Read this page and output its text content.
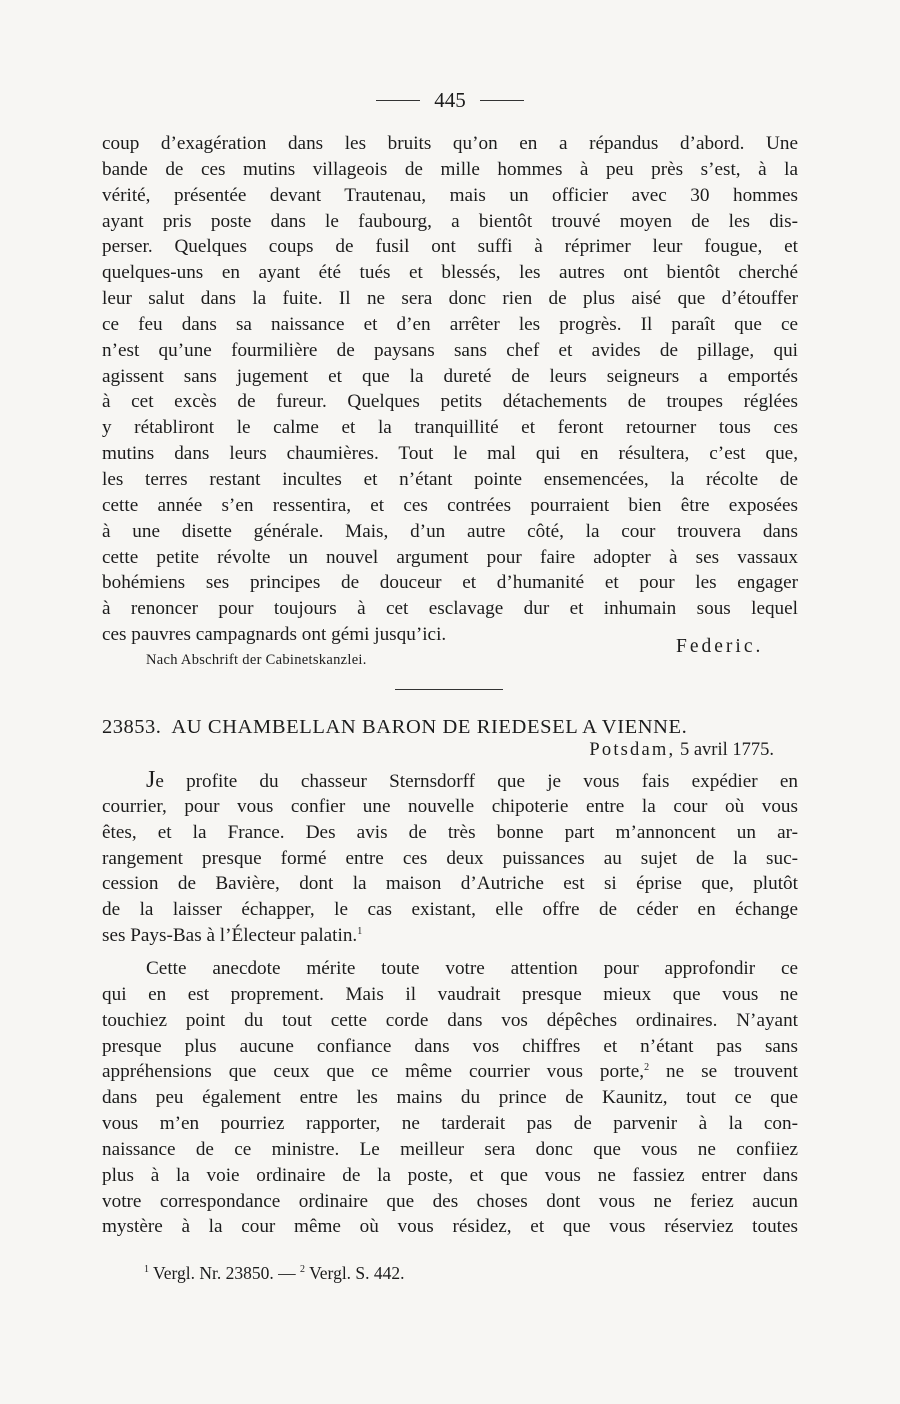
445
coup d’exagération dans les bruits qu’on en a répandus d’abord. Une
bande de ces mutins villageois de mille hommes à peu près s’est, à la
vérité, présentée devant Trautenau, mais un officier avec 30 hommes
ayant pris poste dans le faubourg, a bientôt trouvé moyen de les dis-
perser. Quelques coups de fusil ont suffi à réprimer leur fougue, et
quelques-uns en ayant été tués et blessés, les autres ont bientôt cherché
leur salut dans la fuite. Il ne sera donc rien de plus aisé que d’étouffer
ce feu dans sa naissance et d’en arrêter les progrès. Il paraît que ce
n’est qu’une fourmilière de paysans sans chef et avides de pillage, qui
agissent sans jugement et que la dureté de leurs seigneurs a emportés
à cet excès de fureur. Quelques petits détachements de troupes réglées
y rétabliront le calme et la tranquillité et feront retourner tous ces
mutins dans leurs chaumières. Tout le mal qui en résultera, c’est que,
les terres restant incultes et n’étant pointe ensemencées, la récolte de
cette année s’en ressentira, et ces contrées pourraient bien être exposées
à une disette générale. Mais, d’un autre côté, la cour trouvera dans
cette petite révolte un nouvel argument pour faire adopter à ses vassaux
bohémiens ses principes de douceur et d’humanité et pour les engager
à renoncer pour toujours à cet esclavage dur et inhumain sous lequel
ces pauvres campagnards ont gémi jusqu’ici.
Federic.
Nach Abschrift der Cabinetskanzlei.
23853. AU CHAMBELLAN BARON DE RIEDESEL A VIENNE.
Potsdam, 5 avril 1775.
Je profite du chasseur Sternsdorff que je vous fais expédier en
courrier, pour vous confier une nouvelle chipoterie entre la cour où vous
êtes, et la France. Des avis de très bonne part m’annoncent un ar-
rangement presque formé entre ces deux puissances au sujet de la suc-
cession de Bavière, dont la maison d’Autriche est si éprise que, plutôt
de la laisser échapper, le cas existant, elle offre de céder en échange
ses Pays-Bas à l’Électeur palatin.$^1$
Cette anecdote mérite toute votre attention pour approfondir ce
qui en est proprement. Mais il vaudrait presque mieux que vous ne
touchiez point du tout cette corde dans vos dépêches ordinaires. N’ayant
presque plus aucune confiance dans vos chiffres et n’étant pas sans
appréhensions que ceux que ce même courrier vous porte,$^2$ ne se trouvent
dans peu également entre les mains du prince de Kaunitz, tout ce que
vous m’en pourriez rapporter, ne tarderait pas de parvenir à la con-
naissance de ce ministre. Le meilleur sera donc que vous ne confiiez
plus à la voie ordinaire de la poste, et que vous ne fassiez entrer dans
votre correspondance ordinaire que des choses dont vous ne feriez aucun
mystère à la cour même où vous résidez, et que vous réserviez toutes
$^1$ Vergl. Nr. 23850. — $^2$ Vergl. S. 442.
